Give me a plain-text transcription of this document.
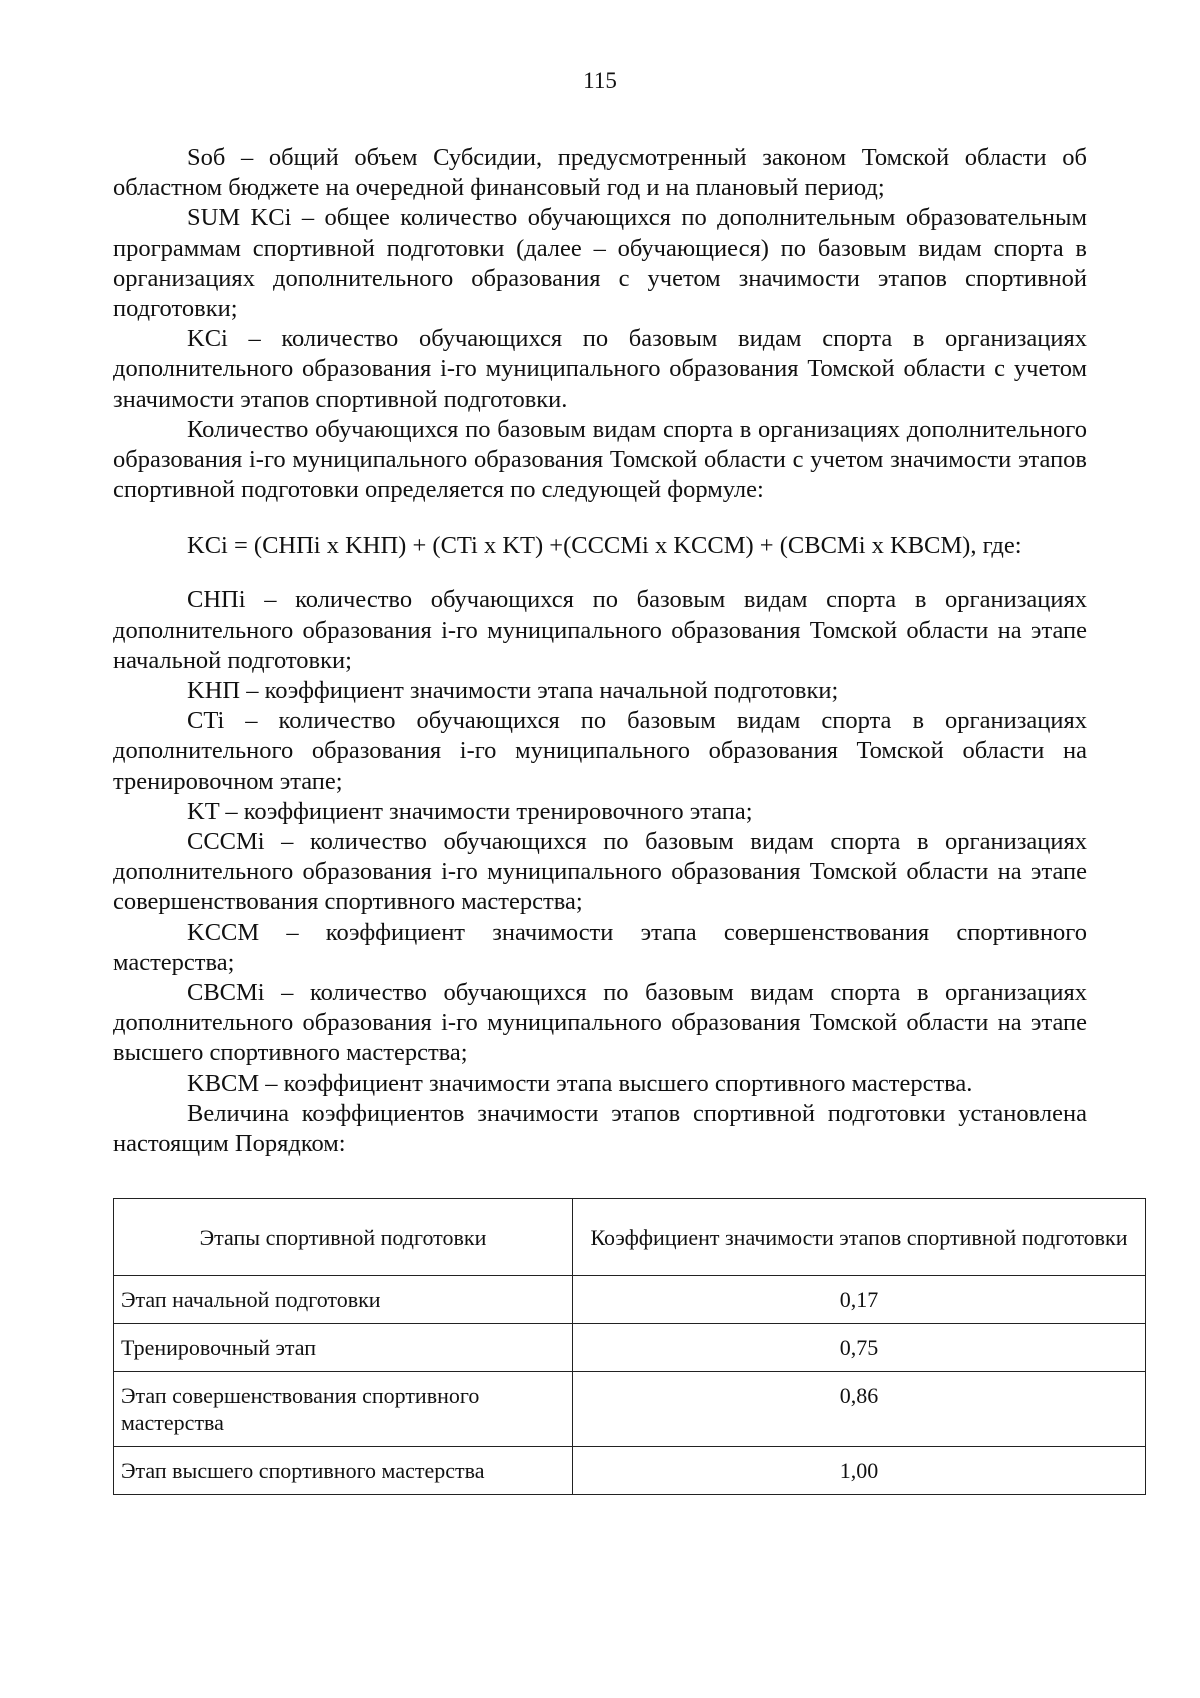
115

Sоб – общий объем Субсидии, предусмотренный законом Томской области об областном бюджете на очередной финансовый год и на плановый период;

SUM KCi – общее количество обучающихся по дополнительным образовательным программам спортивной подготовки (далее – обучающиеся) по базовым видам спорта в организациях дополнительного образования с учетом значимости этапов спортивной подготовки;

KCi – количество обучающихся по базовым видам спорта в организациях дополнительного образования i-го муниципального образования Томской области с учетом значимости этапов спортивной подготовки.

Количество обучающихся по базовым видам спорта в организациях дополнительного образования i-го муниципального образования Томской области с учетом значимости этапов спортивной подготовки определяется по следующей формуле:

KCi = (CHПi x KHП) + (CTi x KT) +(CCCMi x KCCM) + (CBCMi x KBCM), где:

CHПi – количество обучающихся по базовым видам спорта в организациях дополнительного образования i-го муниципального образования Томской области на этапе начальной подготовки;

KHП – коэффициент значимости этапа начальной подготовки;

CTi – количество обучающихся по базовым видам спорта в организациях дополнительного образования i-го муниципального образования Томской области на тренировочном этапе;

KT – коэффициент значимости тренировочного этапа;

CCCMi – количество обучающихся по базовым видам спорта в организациях дополнительного образования i-го муниципального образования Томской области на этапе совершенствования спортивного мастерства;

KCCM – коэффициент значимости этапа совершенствования спортивного мастерства;

CBCMi – количество обучающихся по базовым видам спорта в организациях дополнительного образования i-го муниципального образования Томской области на этапе высшего спортивного мастерства;

KBCM – коэффициент значимости этапа высшего спортивного мастерства.

Величина коэффициентов значимости этапов спортивной подготовки установлена настоящим Порядком:

Этапы спортивной подготовки	Коэффициент значимости этапов спортивной подготовки
Этап начальной подготовки	0,17
Тренировочный этап	0,75
Этап совершенствования спортивного мастерства	0,86
Этап высшего спортивного мастерства	1,00
